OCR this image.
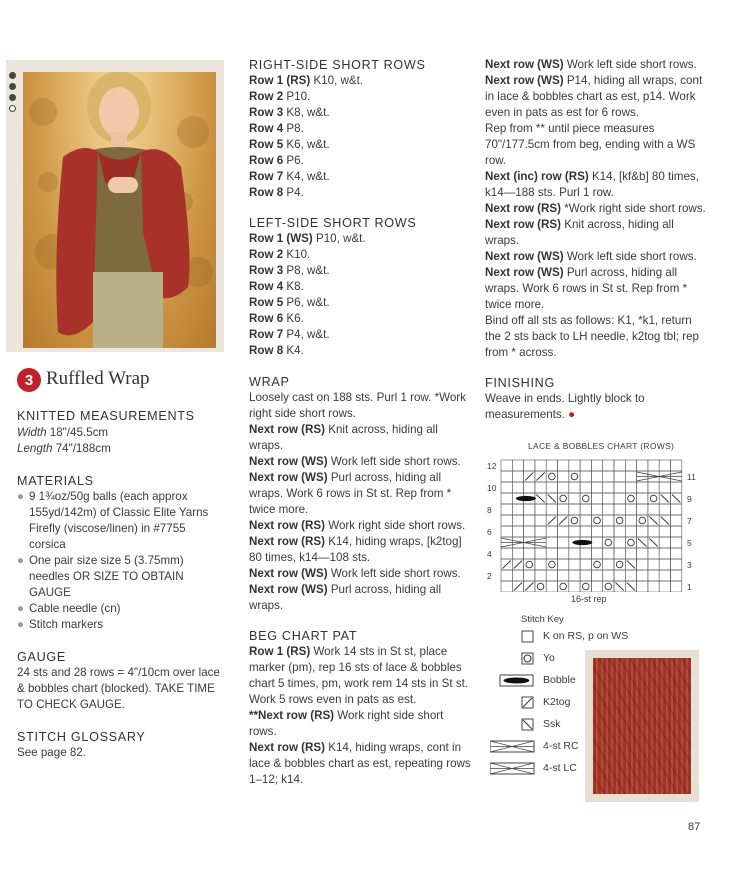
3 Ruffled Wrap
KNITTED MEASUREMENTS

Width 18"/45.5cm

Length 74"/188cm

MATERIALS
● 9 1¾oz/50g balls (each approx 155yd/142m) of Classic Elite Yarns Firefly (viscose/linen) in #7755 corsica
● One pair size size 5 (3.75mm) needles OR SIZE TO OBTAIN GAUGE
● Cable needle (cn)
● Stitch markers
GAUGE

24 sts and 28 rows = 4"/10cm over lace & bobbles chart (blocked). TAKE TIME TO CHECK GAUGE.

STITCH GLOSSARY

See page 82.

RIGHT-SIDE SHORT ROWS

Row 1 (RS) K10, w&t.

Row 2 P10.

Row 3 K8, w&t.

Row 4 P8.

Row 5 K6, w&t.

Row 6 P6.

Row 7 K4, w&t.

Row 8 P4.

LEFT-SIDE SHORT ROWS

Row 1 (WS) P10, w&t.

Row 2 K10.

Row 3 P8, w&t.

Row 4 K8.

Row 5 P6, w&t.

Row 6 K6.

Row 7 P4, w&t.

Row 8 K4.

WRAP

Loosely cast on 188 sts. Purl 1 row. *Work right side short rows.

Next row (RS) Knit across, hiding all wraps.

Next row (WS) Work left side short rows.

Next row (WS) Purl across, hiding all wraps. Work 6 rows in St st. Rep from * twice more.

Next row (RS) Work right side short rows.

Next row (RS) K14, hiding wraps, [k2tog] 80 times, k14—108 sts.

Next row (WS) Work left side short rows.

Next row (WS) Purl across, hiding all wraps.

BEG CHART PAT

Row 1 (RS) Work 14 sts in St st, place marker (pm), rep 16 sts of lace & bobbles chart 5 times, pm, work rem 14 sts in St st. Work 5 rows even in pats as est.

**Next row (RS) Work right side short rows.

Next row (RS) K14, hiding wraps, cont in lace & bobbles chart as est, repeating rows 1–12; k14.

Next row (WS) Work left side short rows.

Next row (WS) P14, hiding all wraps, cont in lace & bobbles chart as est, p14. Work even in pats as est for 6 rows.

Rep from ** until piece measures 70"/177.5cm from beg, ending with a WS row.

Next (inc) row (RS) K14, [kf&b] 80 times, k14—188 sts. Purl 1 row.

Next row (RS) *Work right side short rows.

Next row (RS) Knit across, hiding all wraps.

Next row (WS) Work left side short rows.

Next row (WS) Purl across, hiding all wraps. Work 6 rows in St st. Rep from * twice more.

Bind off all sts as follows: K1, *k1, return the 2 sts back to LH needle, k2tog tbl; rep from * across.

FINISHING

Weave in ends. Lightly block to measurements. ●

LACE & BOBBLES CHART (ROWS)
12
10
8
6
4
2
11
9
7
5
3
1
16-st rep
Stitch Key
K on RS, p on WS
Yo
Bobble
K2tog
Ssk
4-st RC
4-st LC
87
